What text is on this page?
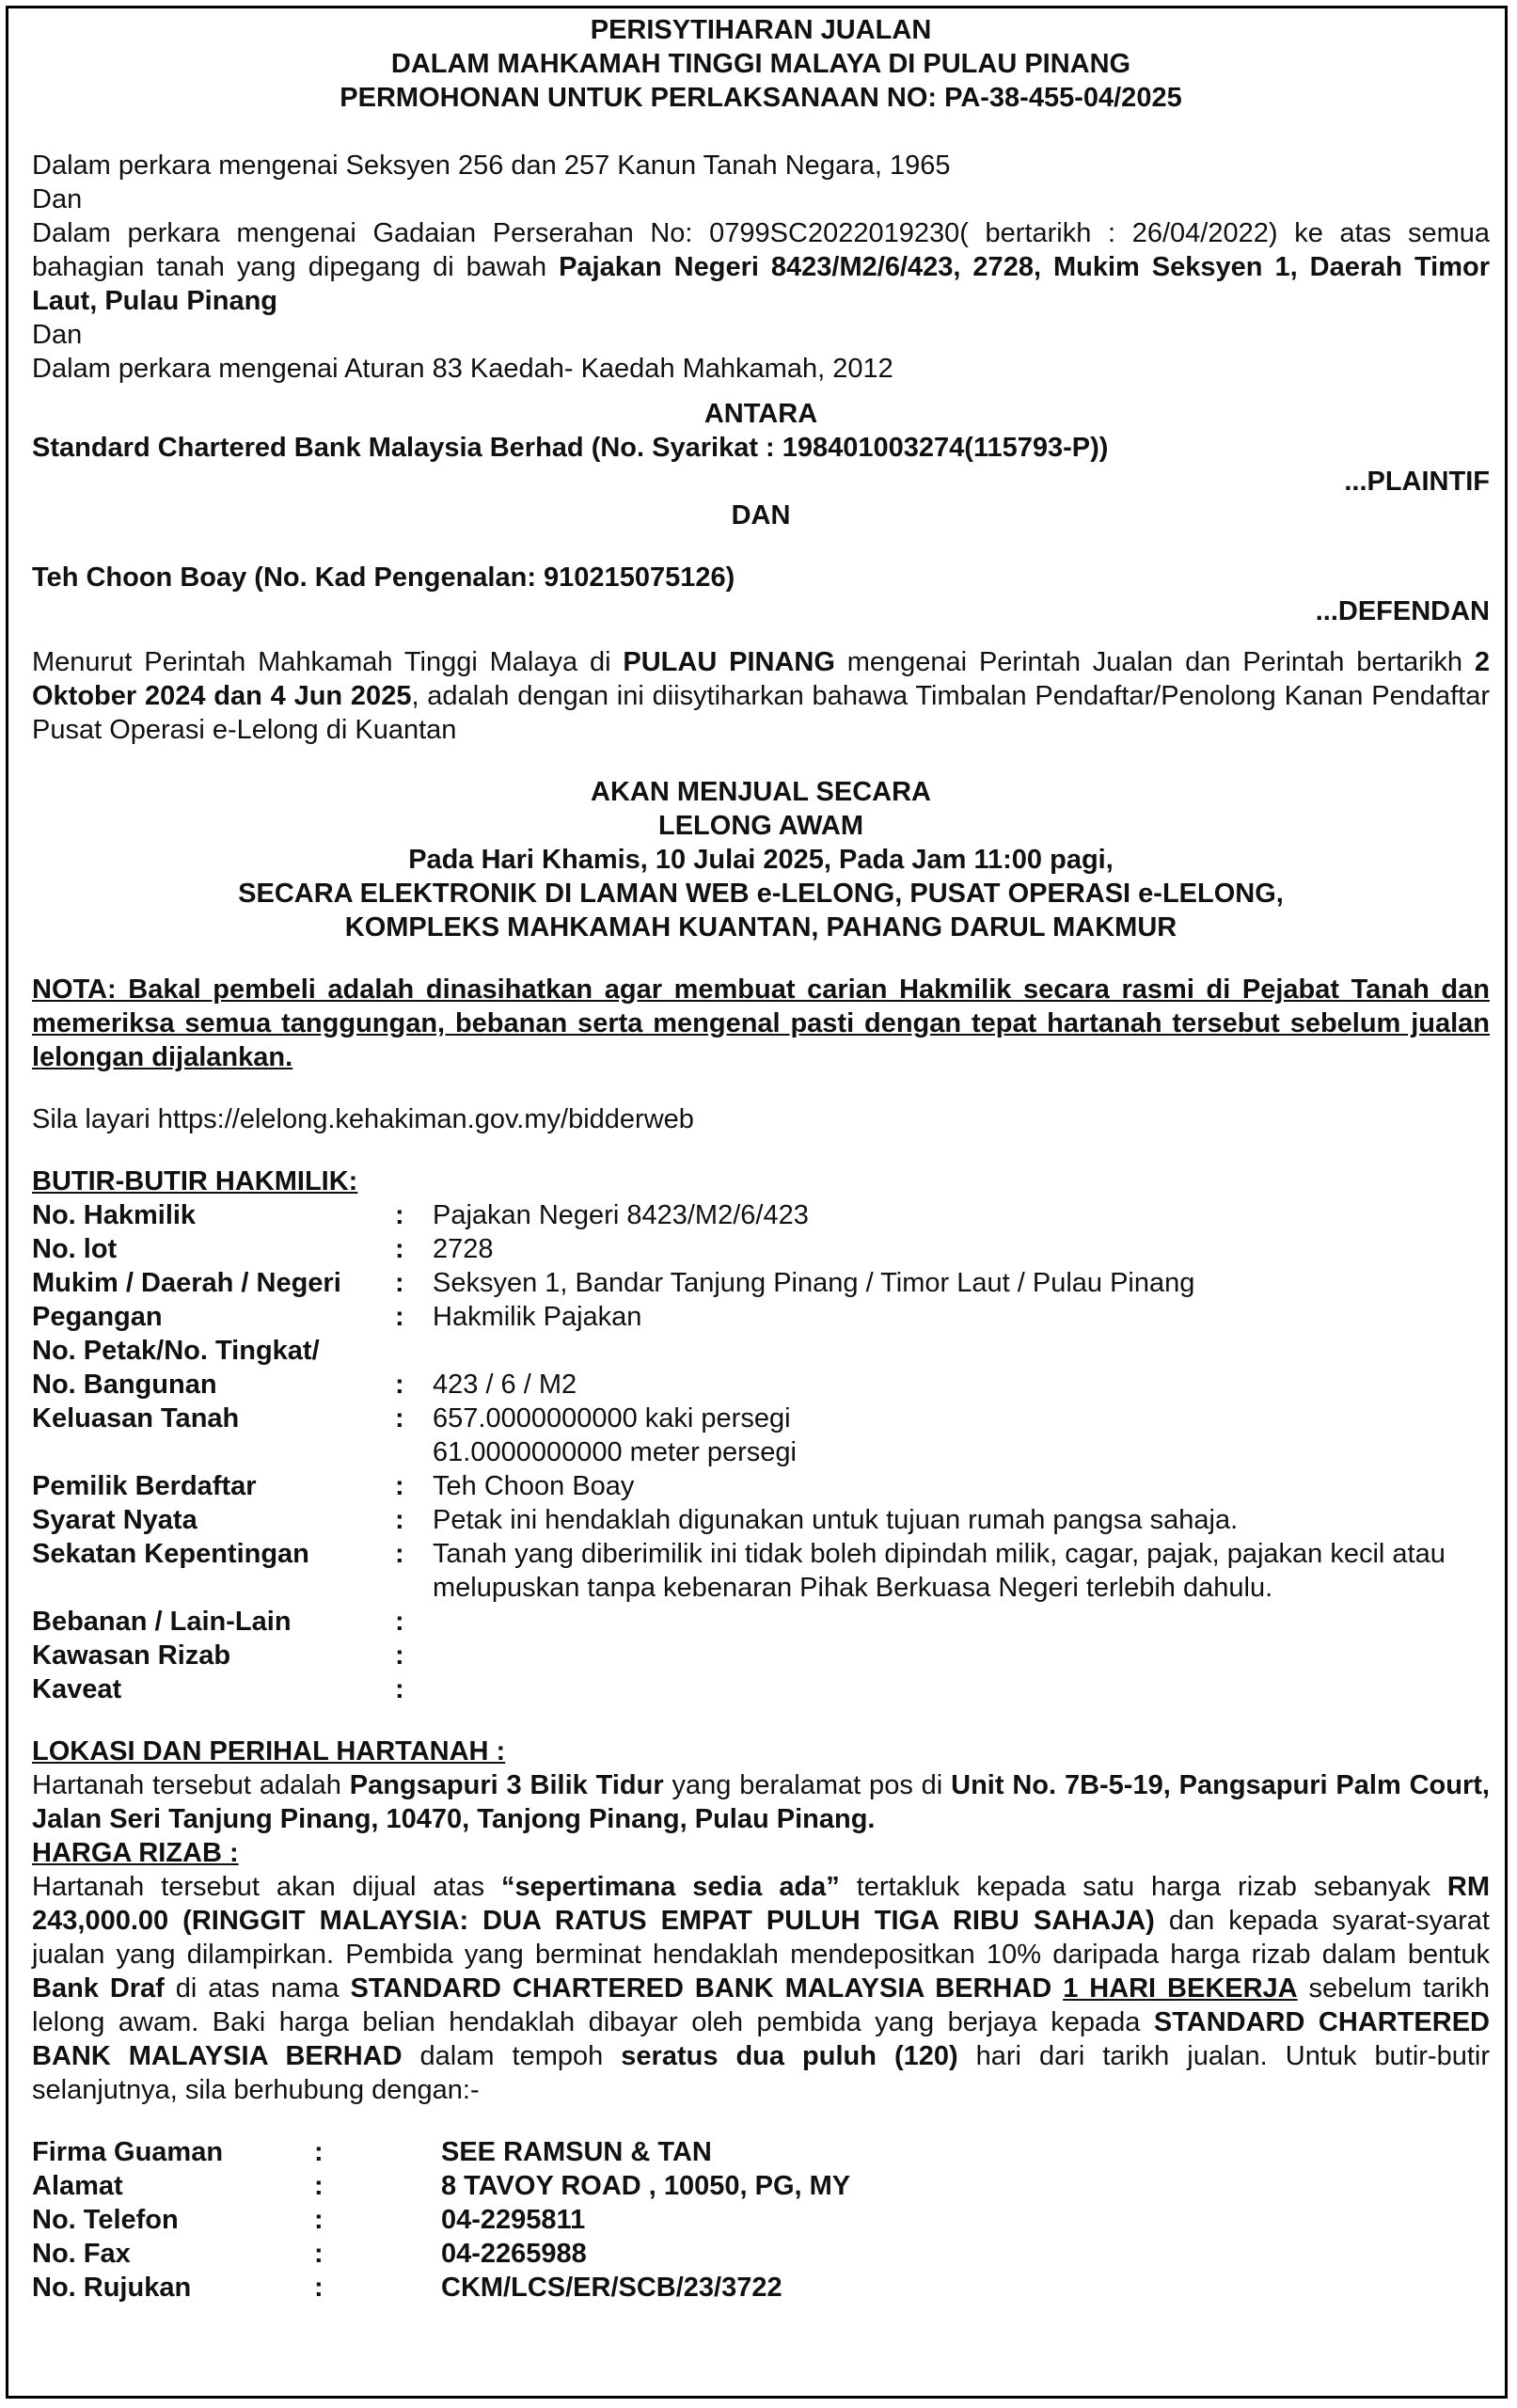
PERISYTIHARAN JUALAN

DALAM MAHKAMAH TINGGI MALAYA DI PULAU PINANG

PERMOHONAN UNTUK PERLAKSANAAN NO: PA-38-455-04/2025

Dalam perkara mengenai Seksyen 256 dan 257 Kanun Tanah Negara, 1965

Dan

Dalam perkara mengenai Gadaian Perserahan No: 0799SC2022019230( bertarikh : 26/04/2022) ke atas semua bahagian tanah yang dipegang di bawah Pajakan Negeri 8423/M2/6/423, 2728, Mukim Seksyen 1, Daerah Timor Laut, Pulau Pinang

Dan

Dalam perkara mengenai Aturan 83 Kaedah- Kaedah Mahkamah, 2012

ANTARA

Standard Chartered Bank Malaysia Berhad (No. Syarikat : 198401003274(115793-P))

...PLAINTIF

DAN

Teh Choon Boay (No. Kad Pengenalan: 910215075126)

...DEFENDAN

Menurut Perintah Mahkamah Tinggi Malaya di PULAU PINANG mengenai Perintah Jualan dan Perintah bertarikh 2 Oktober 2024 dan 4 Jun 2025, adalah dengan ini diisytiharkan bahawa Timbalan Pendaftar/Penolong Kanan Pendaftar Pusat Operasi e-Lelong di Kuantan

AKAN MENJUAL SECARA

LELONG AWAM

Pada Hari Khamis, 10 Julai 2025, Pada Jam 11:00 pagi,

SECARA ELEKTRONIK DI LAMAN WEB e-LELONG, PUSAT OPERASI e-LELONG,

KOMPLEKS MAHKAMAH KUANTAN, PAHANG DARUL MAKMUR

NOTA: Bakal pembeli adalah dinasihatkan agar membuat carian Hakmilik secara rasmi di Pejabat Tanah dan memeriksa semua tanggungan, bebanan serta mengenal pasti dengan tepat hartanah tersebut sebelum jualan lelongan dijalankan.

Sila layari https://elelong.kehakiman.gov.my/bidderweb

BUTIR-BUTIR HAKMILIK:

No. Hakmilik	:	Pajakan Negeri 8423/M2/6/423
No. lot	:	2728
Mukim / Daerah / Negeri	:	Seksyen 1, Bandar Tanjung Pinang / Timor Laut / Pulau Pinang
Pegangan	:	Hakmilik Pajakan
No. Petak/No. Tingkat/
No. Bangunan	:	423 / 6 / M2
Keluasan Tanah	:	657.0000000000 kaki persegi
61.0000000000 meter persegi
Pemilik Berdaftar	:	Teh Choon Boay
Syarat Nyata	:	Petak ini hendaklah digunakan untuk tujuan rumah pangsa sahaja.
Sekatan Kepentingan	:	Tanah yang diberimilik ini tidak boleh dipindah milik, cagar, pajak, pajakan kecil atau melupuskan tanpa kebenaran Pihak Berkuasa Negeri terlebih dahulu.
Bebanan / Lain-Lain	:
Kawasan Rizab	:
Kaveat	:

LOKASI DAN PERIHAL HARTANAH :

Hartanah tersebut adalah Pangsapuri 3 Bilik Tidur yang beralamat pos di Unit No. 7B-5-19, Pangsapuri Palm Court, Jalan Seri Tanjung Pinang, 10470, Tanjong Pinang, Pulau Pinang.

HARGA RIZAB :

Hartanah tersebut akan dijual atas “sepertimana sedia ada” tertakluk kepada satu harga rizab sebanyak RM 243,000.00 (RINGGIT MALAYSIA: DUA RATUS EMPAT PULUH TIGA RIBU SAHAJA) dan kepada syarat-syarat jualan yang dilampirkan. Pembida yang berminat hendaklah mendepositkan 10% daripada harga rizab dalam bentuk Bank Draf di atas nama STANDARD CHARTERED BANK MALAYSIA BERHAD 1 HARI BEKERJA sebelum tarikh lelong awam. Baki harga belian hendaklah dibayar oleh pembida yang berjaya kepada STANDARD CHARTERED BANK MALAYSIA BERHAD dalam tempoh seratus dua puluh (120) hari dari tarikh jualan. Untuk butir-butir selanjutnya, sila berhubung dengan:-

Firma Guaman	:	SEE RAMSUN & TAN
Alamat	:	8 TAVOY ROAD , 10050, PG, MY
No. Telefon	:	04-2295811
No. Fax	:	04-2265988
No. Rujukan	:	CKM/LCS/ER/SCB/23/3722
